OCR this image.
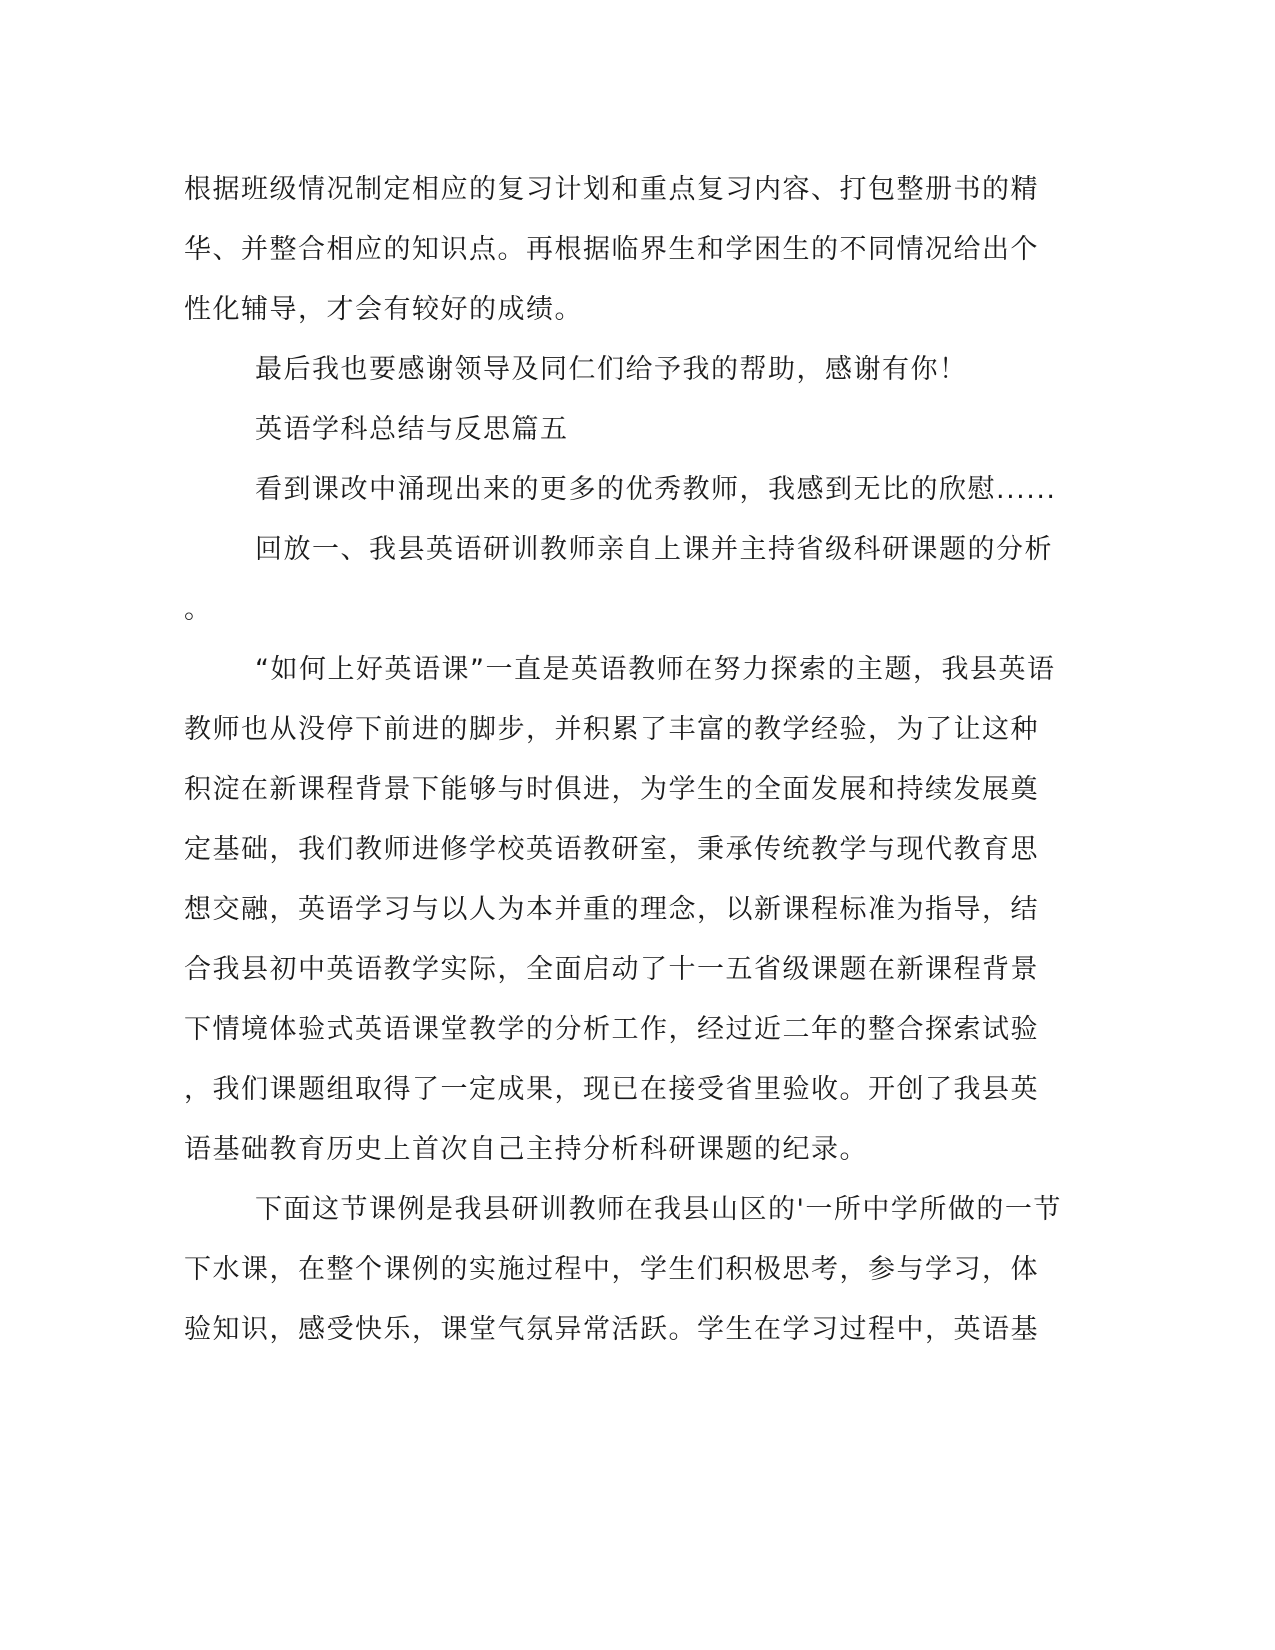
根据班级情况制定相应的复习计划和重点复习内容、打包整册书的精
华、并整合相应的知识点。再根据临界生和学困生的不同情况给出个
性化辅导，才会有较好的成绩。
最后我也要感谢领导及同仁们给予我的帮助，感谢有你！
英语学科总结与反思篇五
看到课改中涌现出来的更多的优秀教师，我感到无比的欣慰......
回放一、我县英语研训教师亲自上课并主持省级科研课题的分析
。
“如何上好英语课”一直是英语教师在努力探索的主题，我县英语
教师也从没停下前进的脚步，并积累了丰富的教学经验，为了让这种
积淀在新课程背景下能够与时俱进，为学生的全面发展和持续发展奠
定基础，我们教师进修学校英语教研室，秉承传统教学与现代教育思
想交融，英语学习与以人为本并重的理念，以新课程标准为指导，结
合我县初中英语教学实际，全面启动了十一五省级课题在新课程背景
下情境体验式英语课堂教学的分析工作，经过近二年的整合探索试验
，我们课题组取得了一定成果，现已在接受省里验收。开创了我县英
语基础教育历史上首次自己主持分析科研课题的纪录。
下面这节课例是我县研训教师在我县山区的'一所中学所做的一节
下水课，在整个课例的实施过程中，学生们积极思考，参与学习，体
验知识，感受快乐，课堂气氛异常活跃。学生在学习过程中，英语基
